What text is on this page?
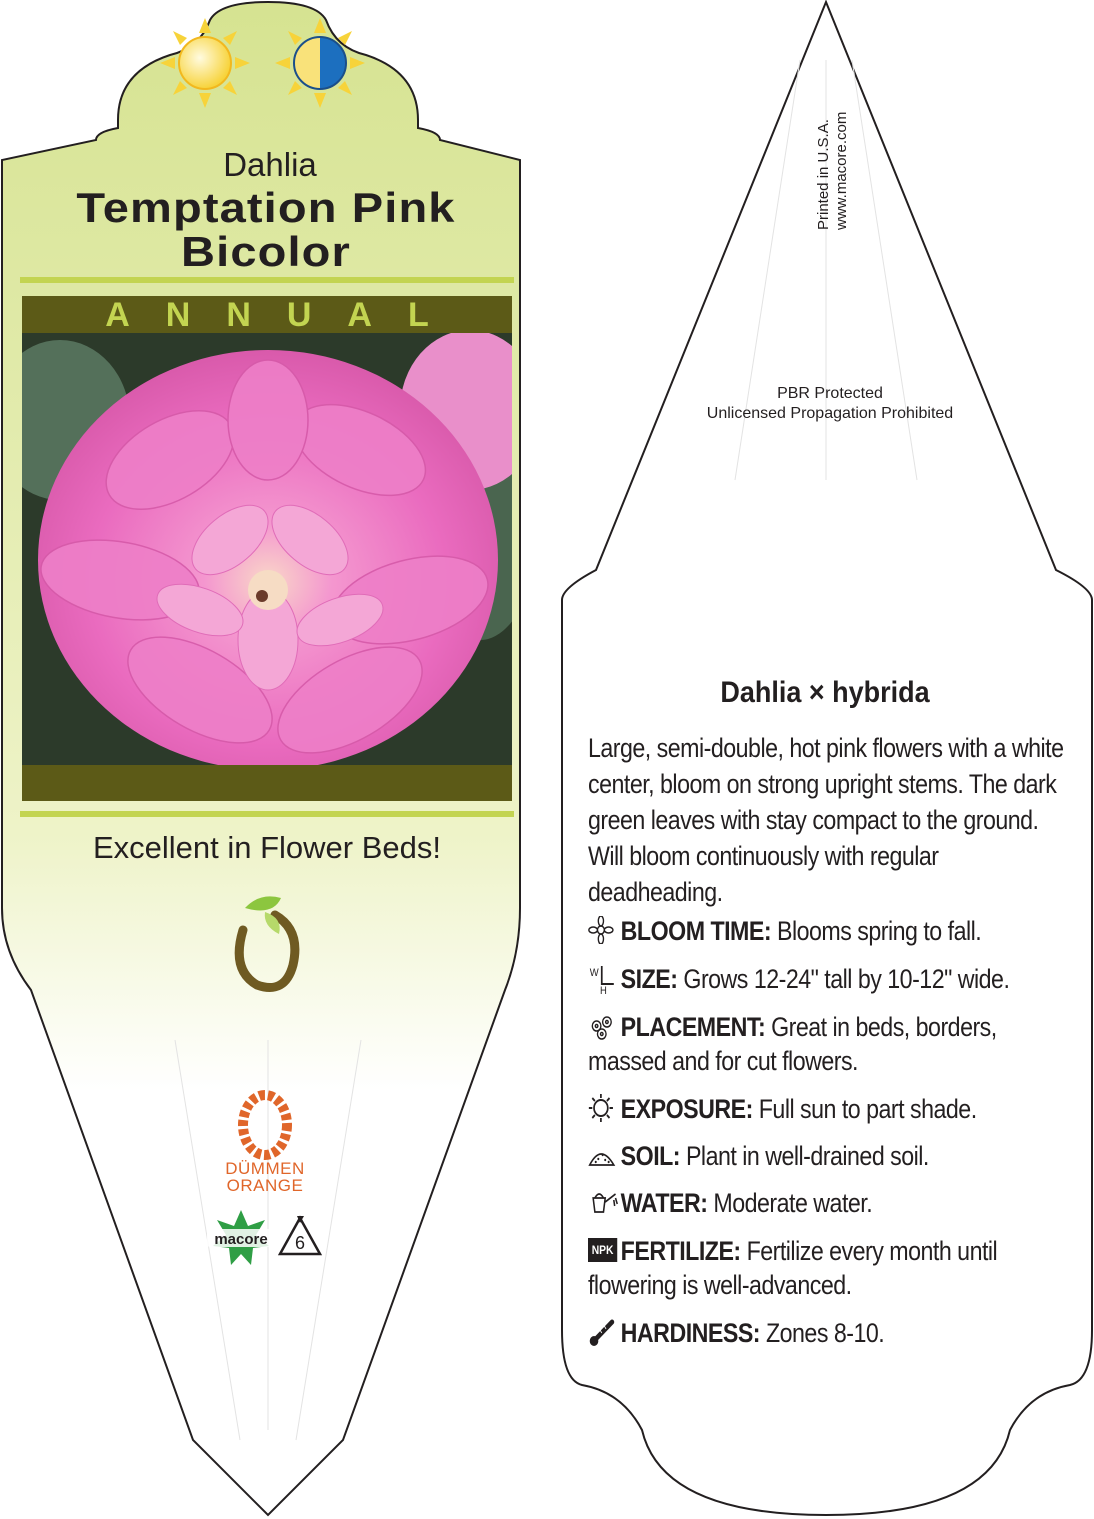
Dahlia
Temptation Pink
Bicolor
ANNUAL
Excellent in Flower Beds!
DÜMMEN
ORANGE
macore	6
Printed in U.S.A. www.macore.com
PBR Protected
Unlicensed Propagation Prohibited
Dahlia × hybrida
Large, semi-double, hot pink flowers with a white center, bloom on strong upright stems. The dark green leaves with stay compact to the ground. Will bloom continuously with regular deadheading.
BLOOM TIME: Blooms spring to fall.
W
H SIZE: Grows 12-24" tall by 10-12" wide.
PLACEMENT: Great in beds, borders, massed and for cut flowers.
EXPOSURE: Full sun to part shade.
SOIL: Plant in well-drained soil.
WATER: Moderate water.
NPK FERTILIZE: Fertilize every month until flowering is well-advanced.
HARDINESS: Zones 8-10.
